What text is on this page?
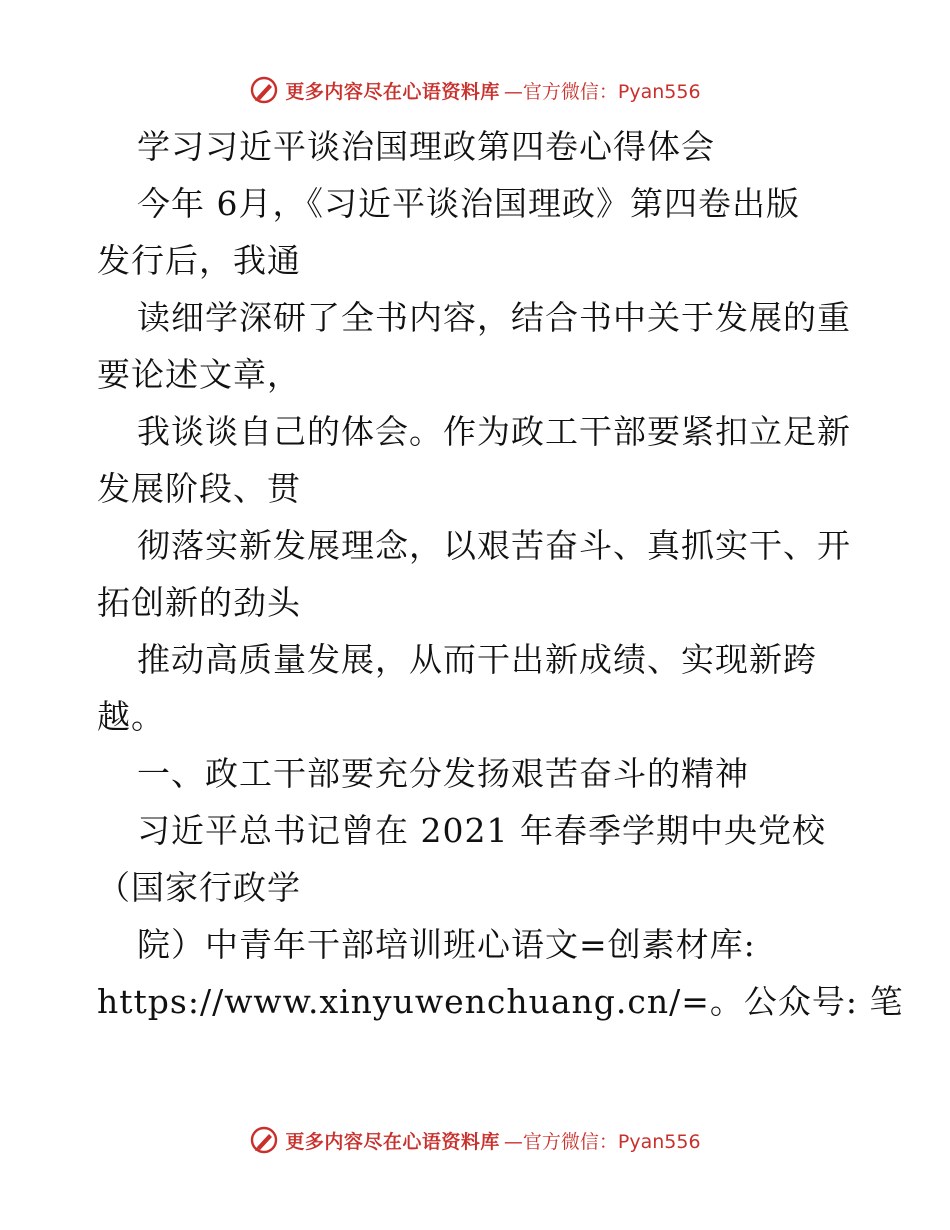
更多内容尽在心语资料库 —官方微信：Pyan556
学习习近平谈治国理政第四卷心得体会
今年 6月，《习近平谈治国理政》第四卷出版
发行后，我通
读细学深研了全书内容，结合书中关于发展的重
要论述文章，
我谈谈自己的体会。作为政工干部要紧扣立足新
发展阶段、贯
彻落实新发展理念，以艰苦奋斗、真抓实干、开
拓创新的劲头
推动高质量发展，从而干出新成绩、实现新跨
越。
一、政工干部要充分发扬艰苦奋斗的精神
习近平总书记曾在 2021 年春季学期中央党校
（国家行政学
院）中青年干部培训班心语文=创素材库:
https://www.xinyuwenchuang.cn/=。公众号: 笔
更多内容尽在心语资料库 —官方微信：Pyan556
